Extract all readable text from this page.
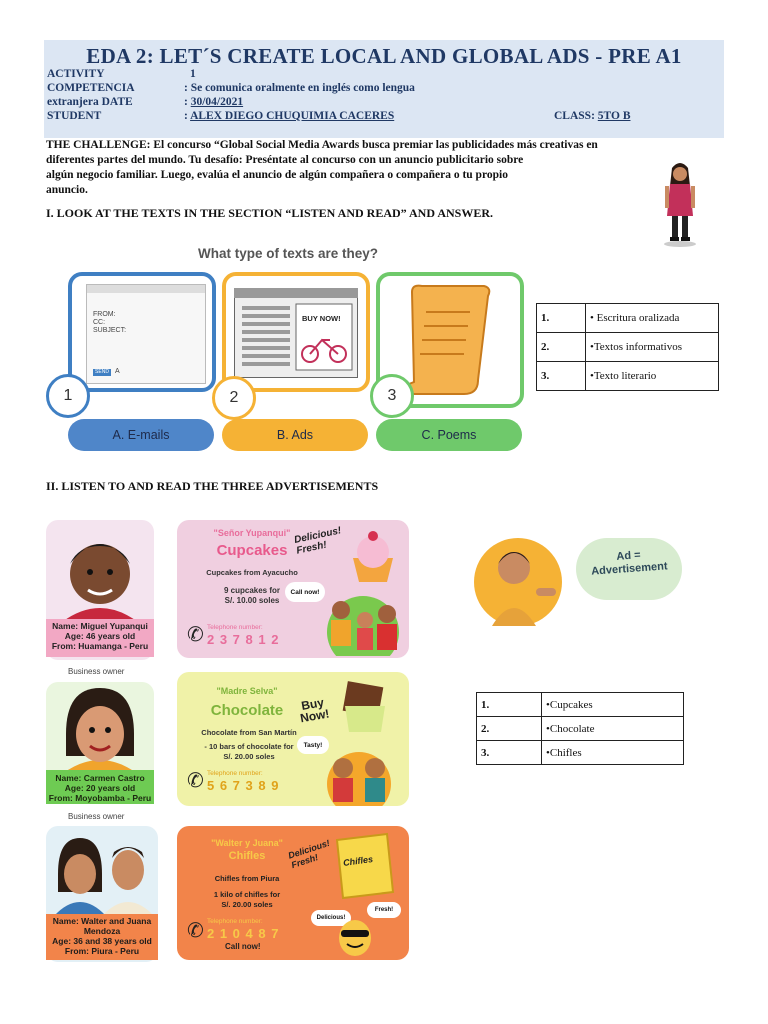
EDA 2: LET´S CREATE LOCAL AND GLOBAL ADS - PRE A1
ACTIVITY	1
COMPETENCIA	: Se comunica oralmente en inglés como lengua
extranjera DATE	: 30/04/2021
STUDENT	: ALEX DIEGO CHUQUIMIA CACERES	CLASS: 5TO B
THE CHALLENGE: El concurso “Global Social Media Awards busca premiar las publicidades más creativas en
diferentes partes del mundo. Tu desafío: Preséntate al concurso con un anuncio publicitario sobre
algún negocio familiar. Luego, evalúa el anuncio de algún compañera o compañera o tu propio
anuncio.
I. LOOK AT THE TEXTS IN THE SECTION “LISTEN AND READ” AND ANSWER.
What type of texts are they?
FROM:
CC:
SUBJECT:
SEND A
1
BUY NOW!
2	3
A. E-mails	B. Ads	C. Poems
1.	• Escritura oralizada
2.	•Textos informativos
3.	•Texto literario
II. LISTEN TO AND READ THE THREE ADVERTISEMENTS
Name: Miguel Yupanqui
Age: 46 years old
From: Huamanga - Peru
"Señor Yupanqui"
Cupcakes
Cupcakes from Ayacucho
9 cupcakes for
S/. 10.00 soles
✆ Telephone number:
2 3 7 8 1 2
Delicious!
Fresh!
Call now!
Business owner
Name: Carmen Castro
Age: 20 years old
From: Moyobamba - Peru
"Madre Selva"
Chocolate
Chocolate from San Martín
- 10 bars of chocolate for
S/. 20.00 soles
✆ Telephone number:
5 6 7 3 8 9
Buy
Now!
Tasty!
Business owner
Name: Walter and Juana Mendoza
Age: 36 and 38 years old
From: Piura - Peru
"Walter y Juana"
Chifles
Chifles from Piura
1 kilo of chifles for
S/. 20.00 soles
✆ Telephone number:
2 1 0 4 8 7
Call now!
Delicious!
Fresh!	Chifles
Fresh!
Delicious!
Ad =
Advertisement
1.	•Cupcakes
2.	•Chocolate
3.	•Chifles
